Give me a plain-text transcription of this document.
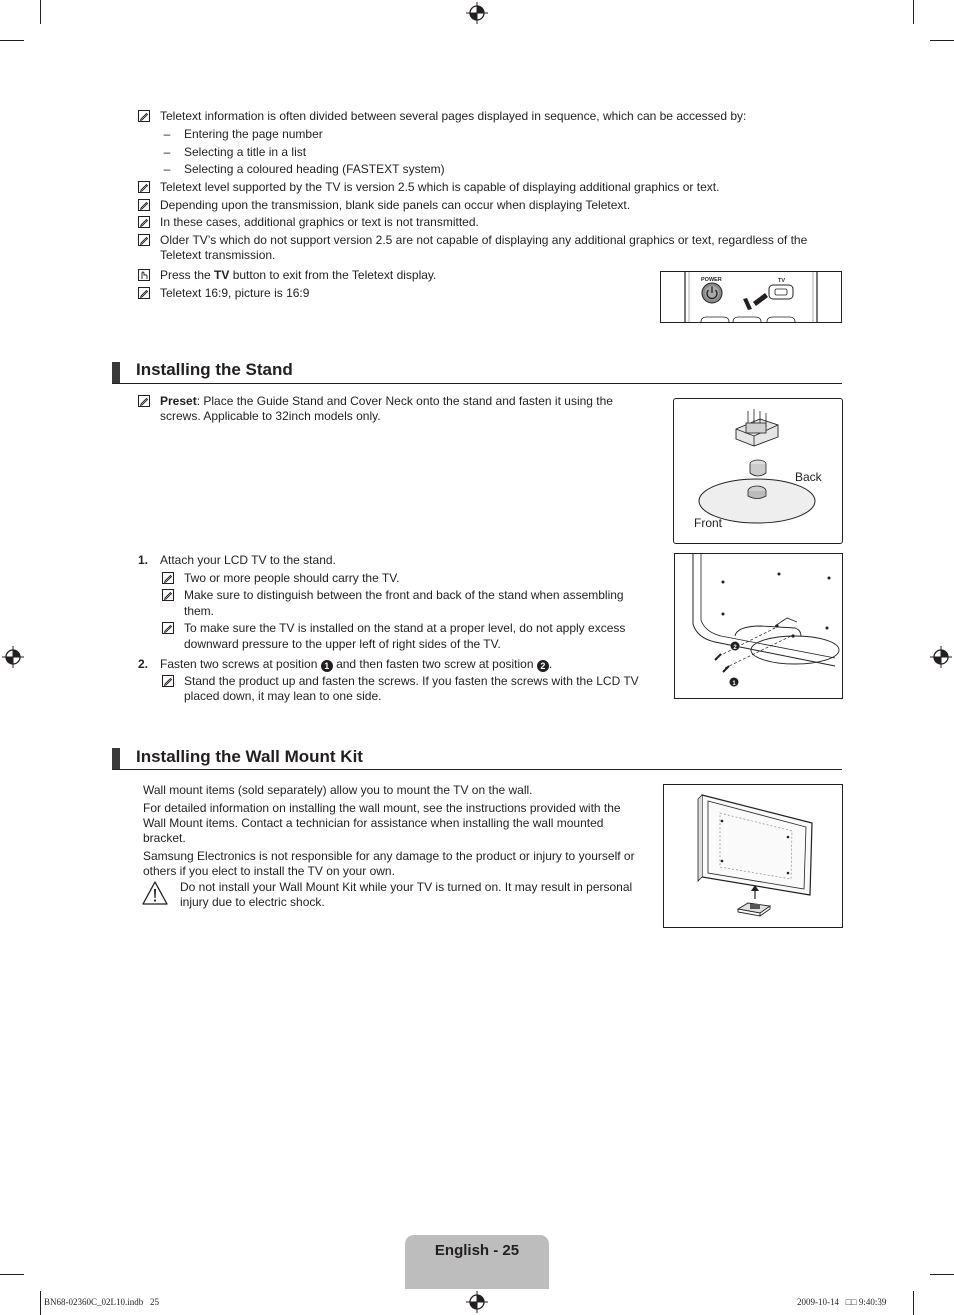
Teletext information is often divided between several pages displayed in sequence, which can be accessed by:
– Entering the page number
– Selecting a title in a list
– Selecting a coloured heading (FASTEXT system)
Teletext level supported by the TV is version 2.5 which is capable of displaying additional graphics or text.
Depending upon the transmission, blank side panels can occur when displaying Teletext.
In these cases, additional graphics or text is not transmitted.
Older TV’s which do not support version 2.5 are not capable of displaying any additional graphics or text, regardless of the
Teletext transmission.
Press the TV button to exit from the Teletext display.
Teletext 16:9, picture is 16:9
POWER	TV
Installing the Stand
Preset: Place the Guide Stand and Cover Neck onto the stand and fasten it using the
screws. Applicable to 32inch models only.
Back
Front
1. Attach your LCD TV to the stand.
Two or more people should carry the TV.
Make sure to distinguish between the front and back of the stand when assembling
them.
To make sure the TV is installed on the stand at a proper level, do not apply excess
downward pressure to the upper left of right sides of the TV.
2. Fasten two screws at position 1 and then fasten two screw at position 2 .
Stand the product up and fasten the screws. If you fasten the screws with the LCD TV
placed down, it may lean to one side.
2
1
Installing the Wall Mount Kit
Wall mount items (sold separately) allow you to mount the TV on the wall.
For detailed information on installing the wall mount, see the instructions provided with the
Wall Mount items. Contact a technician for assistance when installing the wall mounted
bracket.
Samsung Electronics is not responsible for any damage to the product or injury to yourself or
others if you elect to install the TV on your own.
Do not install your Wall Mount Kit while your TV is turned on. It may result in personal
injury due to electric shock.
English - 25
BN68-02360C_02L10.indb   25	2009-10-14   □□ 9:40:39
